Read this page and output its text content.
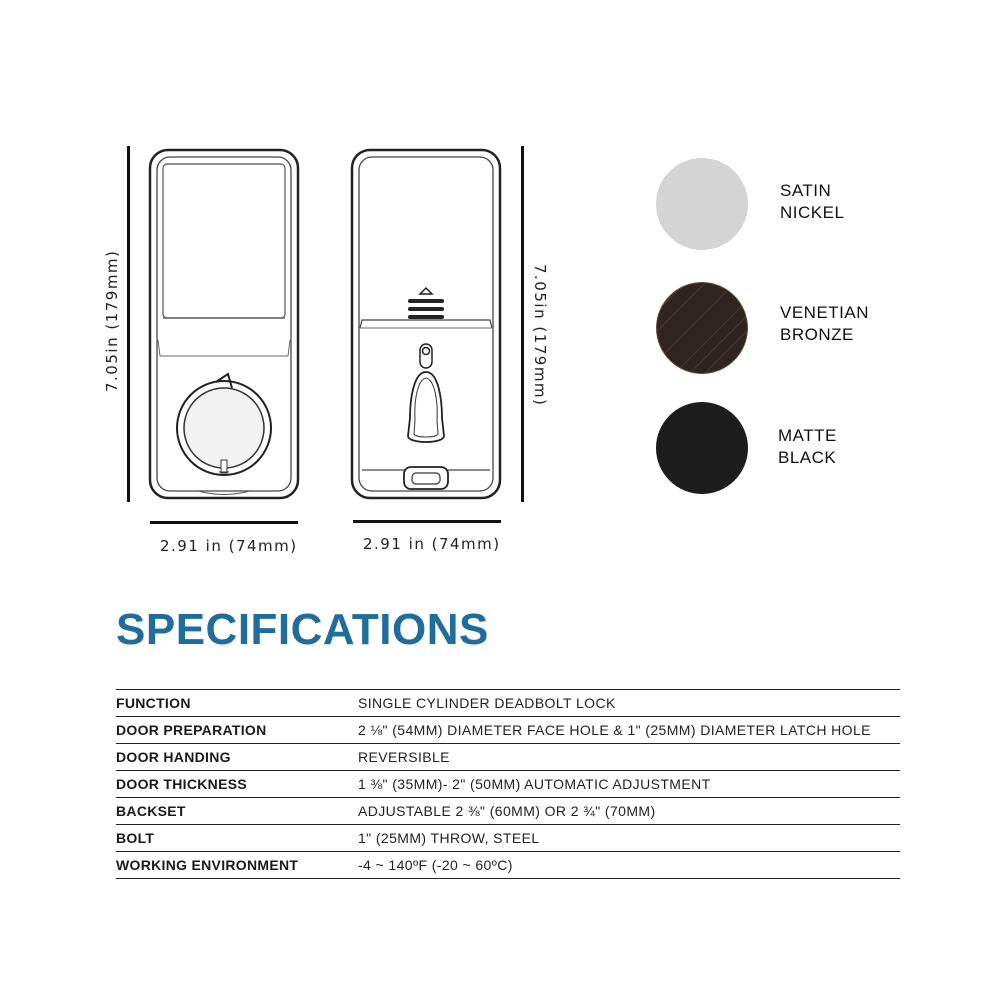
7.05in (179mm)
2.91 in (74mm)
7.05in (179mm)
2.91 in (74mm)
SATIN
NICKEL
VENETIAN
BRONZE
MATTE
BLACK
SPECIFICATIONS
FUNCTION	SINGLE CYLINDER DEADBOLT LOCK
DOOR PREPARATION	2 ⅛" (54MM) DIAMETER FACE HOLE & 1" (25MM) DIAMETER LATCH HOLE
DOOR HANDING	REVERSIBLE
DOOR THICKNESS	1 ⅜" (35MM)- 2" (50MM) AUTOMATIC ADJUSTMENT
BACKSET	ADJUSTABLE 2 ⅜" (60MM) OR 2 ¾" (70MM)
BOLT	1" (25MM) THROW, STEEL
WORKING ENVIRONMENT	-4 ~ 140ºF (-20 ~ 60ºC)
